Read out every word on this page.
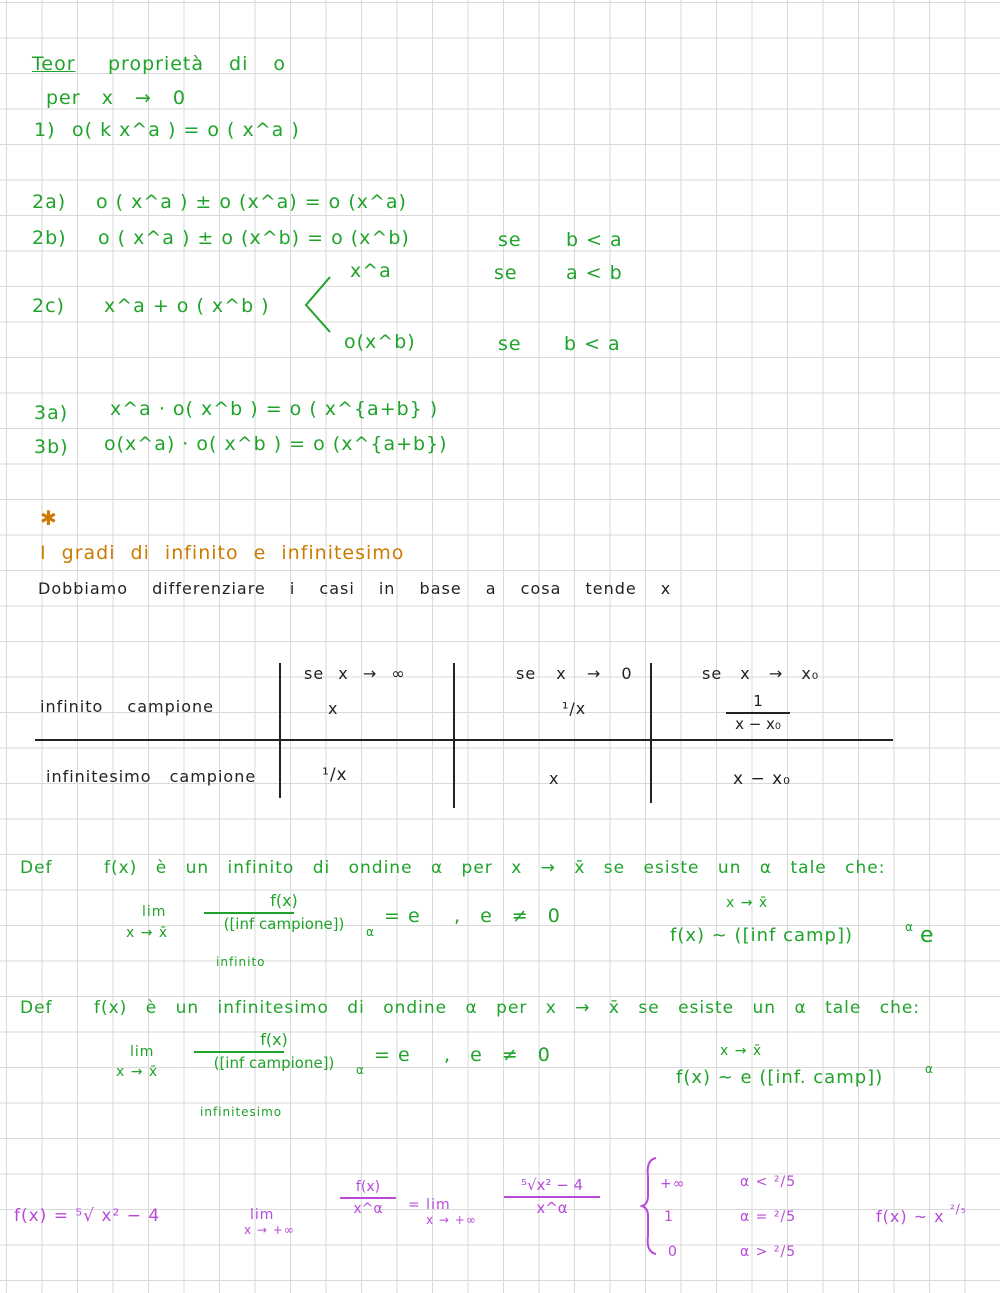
Teor proprietà di o
per x → 0
1) o( k x^a ) = o ( x^a )
2a) o ( x^a ) ± o (x^a) = o (x^a)
2b) o ( x^a ) ± o (x^b) = o (x^b)	se b < a
2c) x^a + o ( x^b )
x^a	se	a < b
o(x^b)	se b < a
3a) x^a · o( x^b ) = o ( x^{a+b} )
3b) o(x^a) · o( x^b ) = o (x^{a+b})
✱
I gradi di infinito e infinitesimo
Dobbiamo differenziare i casi in base a cosa tende x
se x → ∞	se x → 0	se x → x₀
infinito campione	x	¹/x	1
x − x₀
infinitesimo campione	¹/x	x	x − x₀
Def	f(x) è un infinito di ondine α per x → x̄ se esiste un α tale che:
lim
x → x̄
f(x)
([inf campione])	α
infinito
= e , e ≠ 0
x → x̄
f(x) ~ ([inf camp])	α e
Def f(x) è un infinitesimo di ondine α per x → x̄ se esiste un α tale che:
lim
x → x̄
f(x)
([inf campione])	α
infinitesimo
= e , e ≠ 0	x → x̄
f(x) ~ e ([inf. camp])	α
f(x) = ⁵√ x² − 4	lim
x → +∞
f(x)
x^α	= lim
x → +∞
⁵√x² − 4
x^α
+∞	α < ²/5
1	α = ²/5
0	α > ²/5
f(x) ~ x ²/₅
